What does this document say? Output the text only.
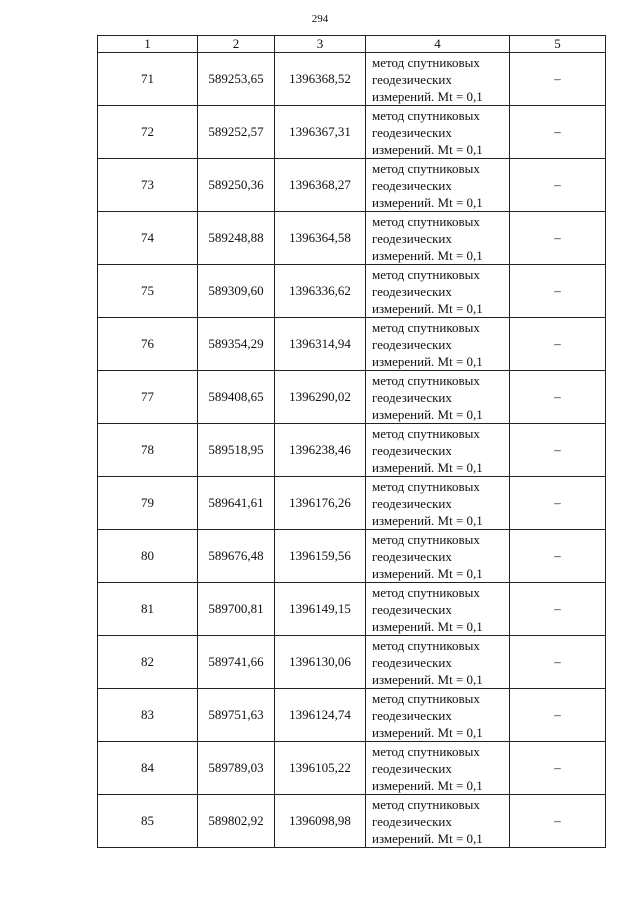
294
1	2	3	4	5
71	589253,65	1396368,52	метод спутниковых
геодезических
измерений. Mt = 0,1	–
72	589252,57	1396367,31	метод спутниковых
геодезических
измерений. Mt = 0,1	–
73	589250,36	1396368,27	метод спутниковых
геодезических
измерений. Mt = 0,1	–
74	589248,88	1396364,58	метод спутниковых
геодезических
измерений. Mt = 0,1	–
75	589309,60	1396336,62	метод спутниковых
геодезических
измерений. Mt = 0,1	–
76	589354,29	1396314,94	метод спутниковых
геодезических
измерений. Mt = 0,1	–
77	589408,65	1396290,02	метод спутниковых
геодезических
измерений. Mt = 0,1	–
78	589518,95	1396238,46	метод спутниковых
геодезических
измерений. Mt = 0,1	–
79	589641,61	1396176,26	метод спутниковых
геодезических
измерений. Mt = 0,1	–
80	589676,48	1396159,56	метод спутниковых
геодезических
измерений. Mt = 0,1	–
81	589700,81	1396149,15	метод спутниковых
геодезических
измерений. Mt = 0,1	–
82	589741,66	1396130,06	метод спутниковых
геодезических
измерений. Mt = 0,1	–
83	589751,63	1396124,74	метод спутниковых
геодезических
измерений. Mt = 0,1	–
84	589789,03	1396105,22	метод спутниковых
геодезических
измерений. Mt = 0,1	–
85	589802,92	1396098,98	метод спутниковых
геодезических
измерений. Mt = 0,1	–
